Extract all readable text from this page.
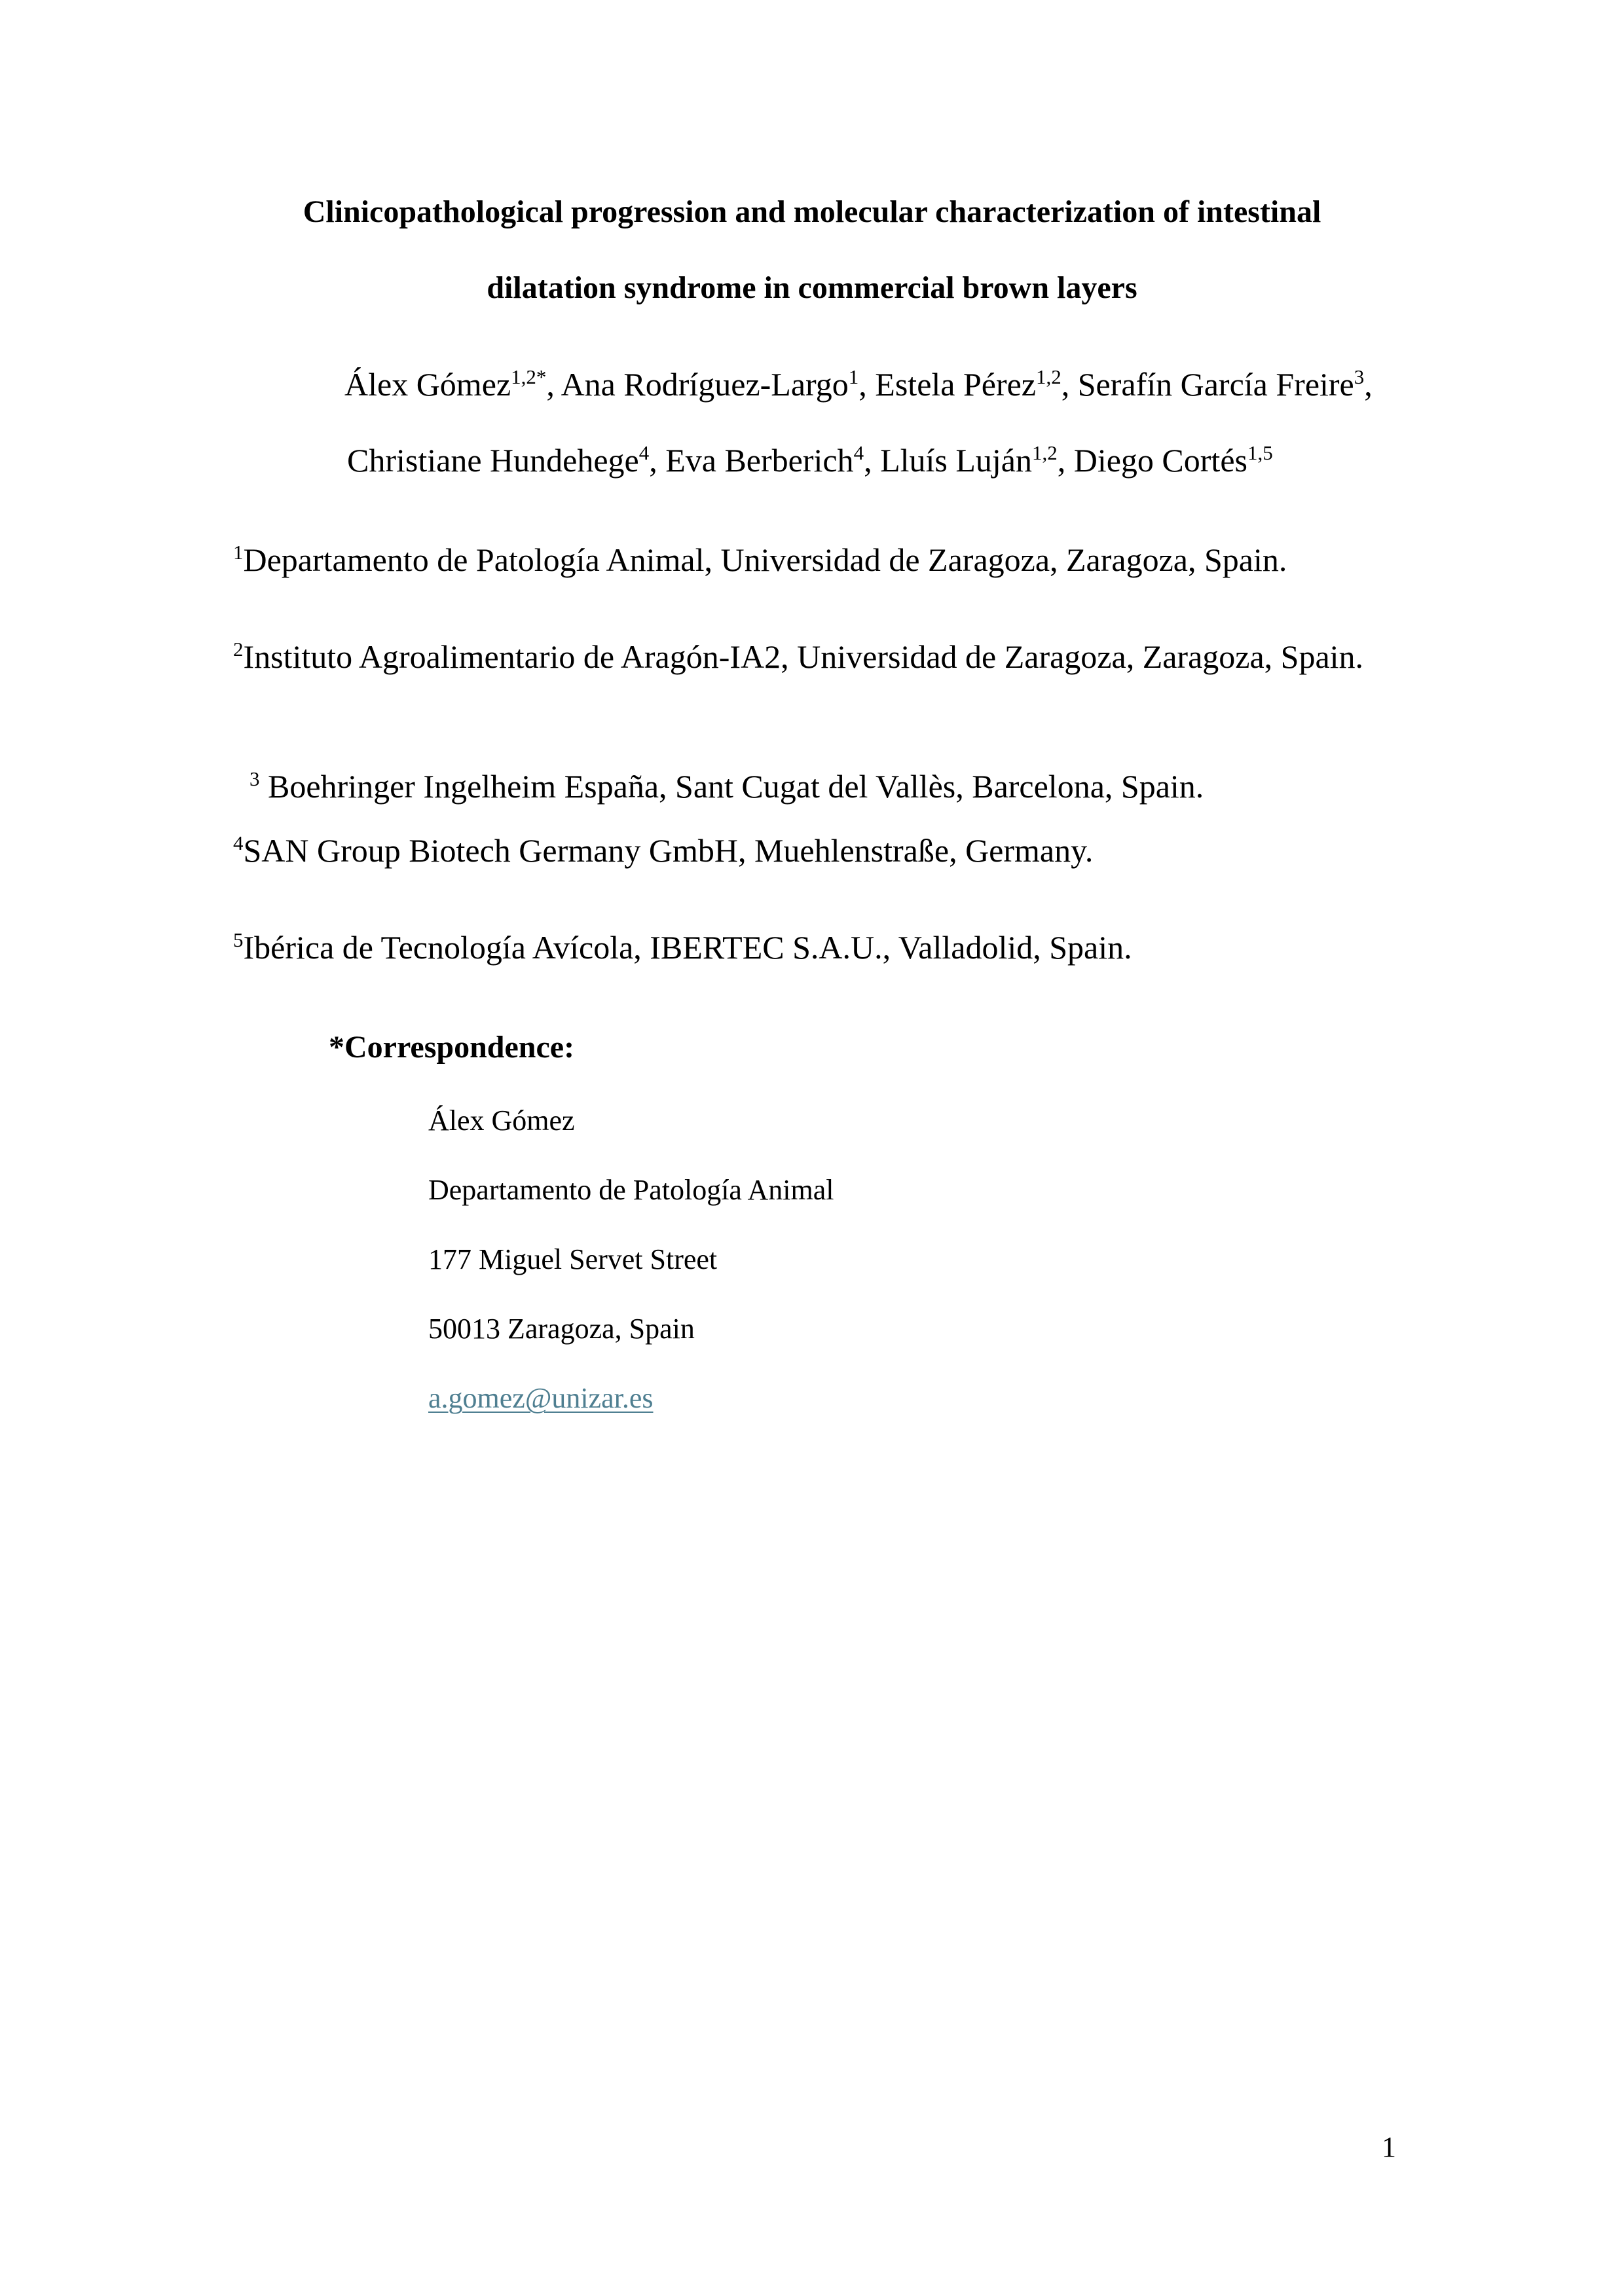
Clinicopathological progression and molecular characterization of intestinal
dilatation syndrome in commercial brown layers
Álex Gómez$^{1,2*}$, Ana Rodríguez-Largo$^1$, Estela Pérez$^{1,2}$, Serafín García Freire$^3$,
Christiane Hundehege$^4$, Eva Berberich$^4$, Lluís Luján$^{1,2}$, Diego Cortés$^{1,5}$
$^1$Departamento de Patología Animal, Universidad de Zaragoza, Zaragoza, Spain.
$^2$Instituto Agroalimentario de Aragón-IA2, Universidad de Zaragoza, Zaragoza, Spain.

$^3$ Boehringer Ingelheim España, Sant Cugat del Vallès, Barcelona, Spain.

$^4$SAN Group Biotech Germany GmbH, Muehlenstraße, Germany.
$^5$Ibérica de Tecnología Avícola, IBERTEC S.A.U., Valladolid, Spain.
*Correspondence:
Álex Gómez
Departamento de Patología Animal
177 Miguel Servet Street
50013 Zaragoza, Spain
a.gomez@unizar.es
1
